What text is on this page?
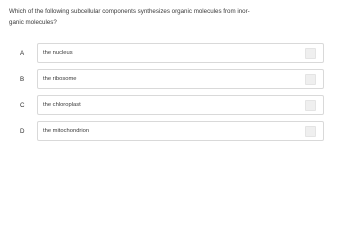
Which of the following subcellular components synthesizes organic molecules from inor-
ganic molecules?
A	the nucleus
B	the ribosome
C	the chloroplast
D	the mitochondrion
